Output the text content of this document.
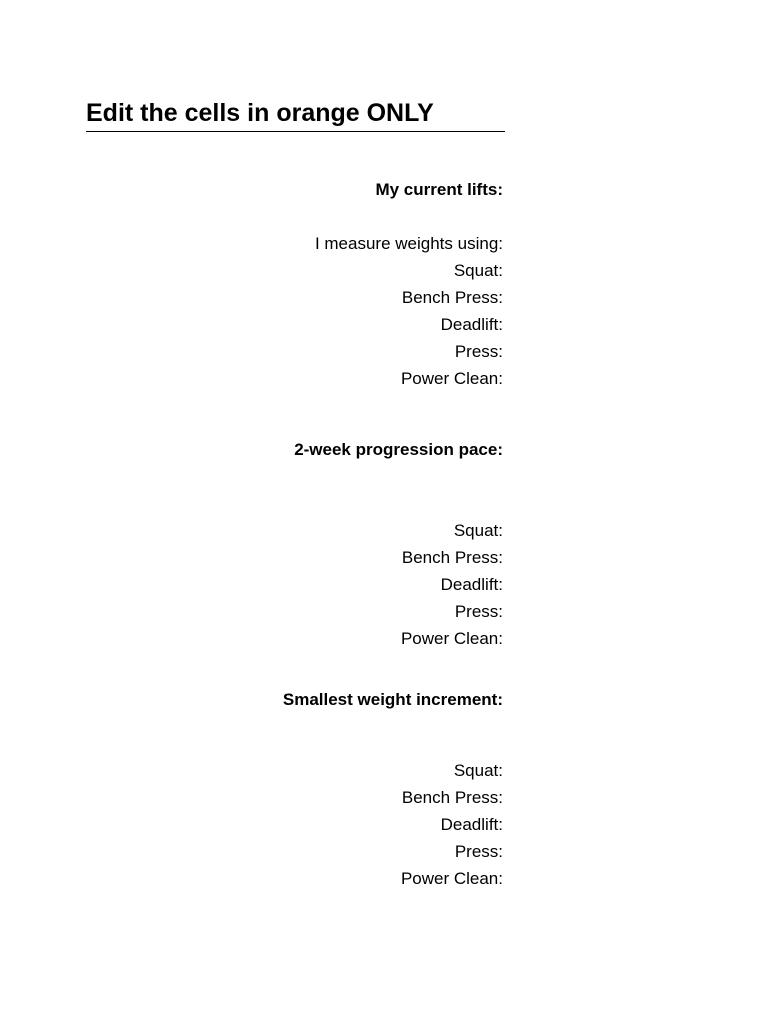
Edit the cells in orange ONLY
My current lifts:
I measure weights using:
Squat:
Bench Press:
Deadlift:
Press:
Power Clean:
2-week progression pace:
Squat:
Bench Press:
Deadlift:
Press:
Power Clean:
Smallest weight increment:
Squat:
Bench Press:
Deadlift:
Press:
Power Clean:
